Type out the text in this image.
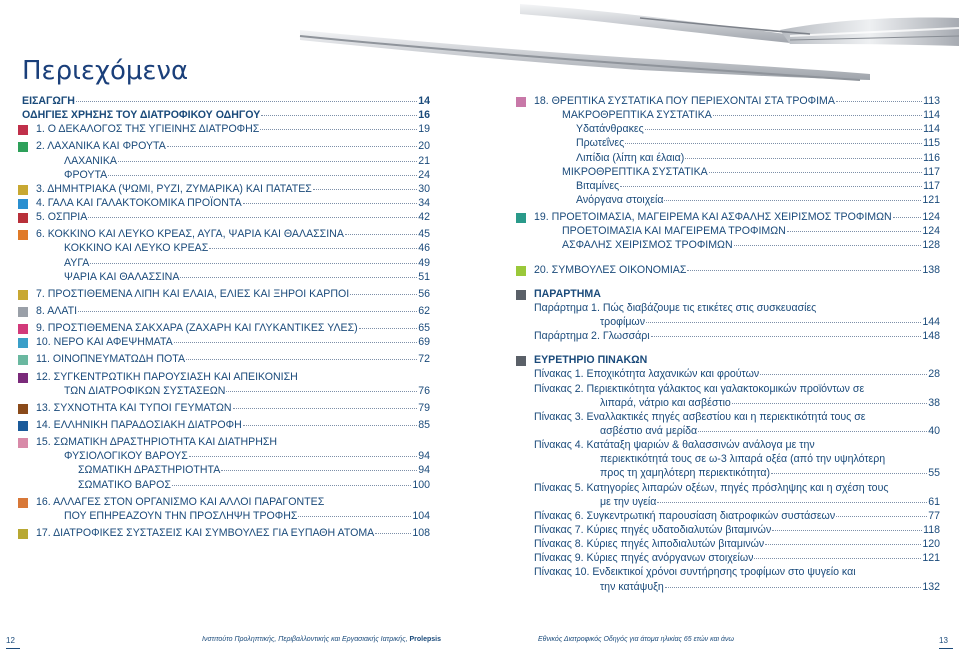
Περιεχόμενα
ΕΙΣΑΓΩΓΗ	14
ΟΔΗΓΙΕΣ ΧΡΗΣΗΣ ΤΟΥ ΔΙΑΤΡΟΦΙΚΟΥ ΟΔΗΓΟΥ	16
1. Ο ΔΕΚΑΛΟΓΟΣ ΤΗΣ ΥΓΙΕΙΝΗΣ ΔΙΑΤΡΟΦΗΣ	19
2. ΛΑΧΑΝΙΚΑ ΚΑΙ ΦΡΟΥΤΑ	20
ΛΑΧΑΝΙΚΑ	21
ΦΡΟΥΤΑ	24
3. ΔΗΜΗΤΡΙΑΚΑ (ΨΩΜΙ, ΡΥΖΙ, ΖΥΜΑΡΙΚΑ) ΚΑΙ ΠΑΤΑΤΕΣ	30
4. ΓΑΛΑ ΚΑΙ ΓΑΛΑΚΤΟΚΟΜΙΚΑ ΠΡΟΪΟΝΤΑ	34
5. ΟΣΠΡΙΑ	42
6. ΚΟΚΚΙΝΟ ΚΑΙ ΛΕΥΚΟ ΚΡΕΑΣ, ΑΥΓΑ, ΨΑΡΙΑ ΚΑΙ ΘΑΛΑΣΣΙΝΑ	45
ΚΟΚΚΙΝΟ ΚΑΙ ΛΕΥΚΟ ΚΡΕΑΣ	46
ΑΥΓΑ	49
ΨΑΡΙΑ ΚΑΙ ΘΑΛΑΣΣΙΝΑ	51
7. ΠΡΟΣΤΙΘΕΜΕΝΑ ΛΙΠΗ ΚΑΙ ΕΛΑΙΑ, ΕΛΙΕΣ ΚΑΙ ΞΗΡΟΙ ΚΑΡΠΟΙ	56
8. ΑΛΑΤΙ	62
9. ΠΡΟΣΤΙΘΕΜΕΝΑ ΣΑΚΧΑΡΑ (ΖΑΧΑΡΗ ΚΑΙ ΓΛΥΚΑΝΤΙΚΕΣ ΥΛΕΣ)	65
10. ΝΕΡΟ ΚΑΙ ΑΦΕΨΗΜΑΤΑ	69
11. ΟΙΝΟΠΝΕΥΜΑΤΩΔΗ ΠΟΤΑ	72
12. ΣΥΓΚΕΝΤΡΩΤΙΚΗ ΠΑΡΟΥΣΙΑΣΗ ΚΑΙ ΑΠΕΙΚΟΝΙΣΗ
ΤΩΝ ΔΙΑΤΡΟΦΙΚΩΝ ΣΥΣΤΑΣΕΩΝ	76
13. ΣΥΧΝΟΤΗΤΑ ΚΑΙ ΤΥΠΟΙ ΓΕΥΜΑΤΩΝ	79
14. ΕΛΛΗΝΙΚΗ ΠΑΡΑΔΟΣΙΑΚΗ ΔΙΑΤΡΟΦΗ	85
15. ΣΩΜΑΤΙΚΗ ΔΡΑΣΤΗΡΙΟΤΗΤΑ ΚΑΙ ΔΙΑΤΗΡΗΣΗ
ΦΥΣΙΟΛΟΓΙΚΟΥ ΒΑΡΟΥΣ	94
ΣΩΜΑΤΙΚΗ ΔΡΑΣΤΗΡΙΟΤΗΤΑ	94
ΣΩΜΑΤΙΚΟ ΒΑΡΟΣ	100
16. ΑΛΛΑΓΕΣ ΣΤΟΝ ΟΡΓΑΝΙΣΜΟ ΚΑΙ ΑΛΛΟΙ ΠΑΡΑΓΟΝΤΕΣ
ΠΟΥ ΕΠΗΡΕΑΖΟΥΝ ΤΗΝ ΠΡΟΣΛΗΨΗ ΤΡΟΦΗΣ	104
17. ΔΙΑΤΡΟΦΙΚΕΣ ΣΥΣΤΑΣΕΙΣ ΚΑΙ ΣΥΜΒΟΥΛΕΣ ΓΙΑ ΕΥΠΑΘΗ ΑΤΟΜΑ	108
18. ΘΡΕΠΤΙΚΑ ΣΥΣΤΑΤΙΚΑ ΠΟΥ ΠΕΡΙΕΧΟΝΤΑΙ ΣΤΑ ΤΡΟΦΙΜΑ	113
ΜΑΚΡΟΘΡΕΠΤΙΚΑ ΣΥΣΤΑΤΙΚΑ	114
Υδατάνθρακες	114
Πρωτεΐνες	115
Λιπίδια (λίπη και έλαια)	116
ΜΙΚΡΟΘΡΕΠΤΙΚΑ ΣΥΣΤΑΤΙΚΑ	117
Βιταμίνες	117
Ανόργανα στοιχεία	121
19. ΠΡΟΕΤΟΙΜΑΣΙΑ, ΜΑΓΕΙΡΕΜΑ ΚΑΙ ΑΣΦΑΛΗΣ ΧΕΙΡΙΣΜΟΣ ΤΡΟΦΙΜΩΝ	124
ΠΡΟΕΤΟΙΜΑΣΙΑ ΚΑΙ ΜΑΓΕΙΡΕΜΑ ΤΡΟΦΙΜΩΝ	124
ΑΣΦΑΛΗΣ ΧΕΙΡΙΣΜΟΣ ΤΡΟΦΙΜΩΝ	128
20. ΣΥΜΒΟΥΛΕΣ ΟΙΚΟΝΟΜΙΑΣ	138
ΠΑΡΑΡΤΗΜΑ
Παράρτημα 1. Πώς διαβάζουμε τις ετικέτες στις συσκευασίες
τροφίμων	144
Παράρτημα 2. Γλωσσάρι	148
ΕΥΡΕΤΗΡΙΟ ΠΙΝΑΚΩΝ
Πίνακας 1. Εποχικότητα λαχανικών και φρούτων	28
Πίνακας 2. Περιεκτικότητα γάλακτος και γαλακτοκομικών προϊόντων σε
λιπαρά, νάτριο και ασβέστιο	38
Πίνακας 3. Εναλλακτικές πηγές ασβεστίου και η περιεκτικότητά τους σε
ασβέστιο ανά μερίδα	40
Πίνακας 4. Κατάταξη ψαριών & θαλασσινών ανάλογα με την
περιεκτικότητά τους σε ω-3 λιπαρά οξέα (από την υψηλότερη
προς τη χαμηλότερη περιεκτικότητα)	55
Πίνακας 5. Κατηγορίες λιπαρών οξέων, πηγές πρόσληψης και η σχέση τους
με την υγεία	61
Πίνακας 6. Συγκεντρωτική παρουσίαση διατροφικών συστάσεων	77
Πίνακας 7. Κύριες πηγές υδατοδιαλυτών βιταμινών	118
Πίνακας 8. Κύριες πηγές λιποδιαλυτών βιταμινών	120
Πίνακας 9. Κύριες πηγές ανόργανων στοιχείων	121
Πίνακας 10. Ενδεικτικοί χρόνοι συντήρησης τροφίμων στο ψυγείο και
την κατάψυξη	132
12	Ινστιτούτο Προληπτικής, Περιβαλλοντικής και Εργασιακής Ιατρικής, Prolepsis	Εθνικός Διατροφικός Οδηγός για άτομα ηλικίας 65 ετών και άνω	13
